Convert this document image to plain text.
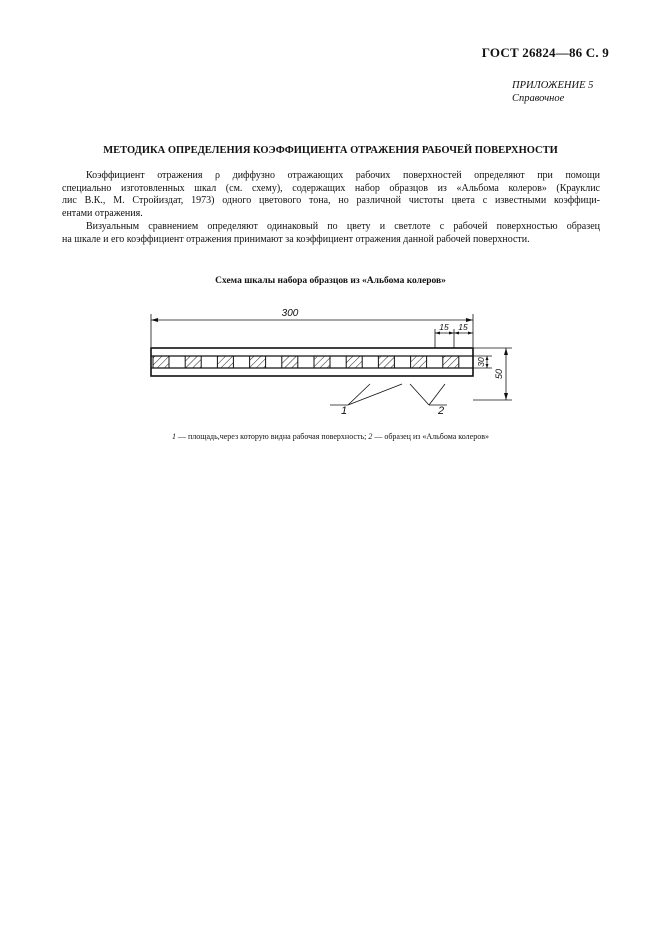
ГОСТ 26824—86 С. 9
ПРИЛОЖЕНИЕ 5
Справочное
МЕТОДИКА ОПРЕДЕЛЕНИЯ КОЭФФИЦИЕНТА ОТРАЖЕНИЯ РАБОЧЕЙ ПОВЕРХНОСТИ

Коэффициент отражения ρ диффузно отражающих рабочих поверхностей определяют при помощи
специально изготовленных шкал (см. схему), содержащих набор образцов из «Альбома колеров» (Крауклис
лис В.К., М. Стройиздат, 1973) одного цветового тона, но различной чистоты цвета с известными коэффици-
ентами отражения.

Визуальным сравнением определяют одинаковый по цвету и светлоте с рабочей поверхностью образец
на шкале и его коэффициент отражения принимают за коэффициент отражения данной рабочей поверхности.

Схема шкалы набора образцов из «Альбома колеров»
300
15 15
30
50
1	2
1 — площадь,через которую видна рабочая поверхность; 2 — образец из «Альбома колеров»
